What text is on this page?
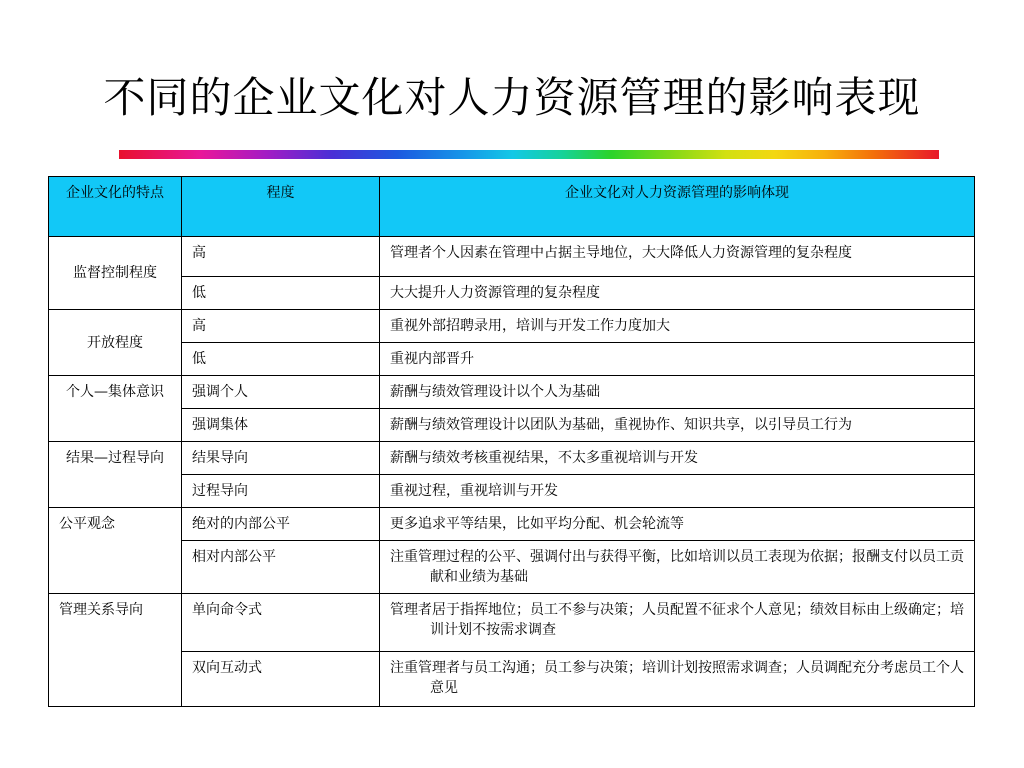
不同的企业文化对人力资源管理的影响表现
企业文化的特点	程度	企业文化对人力资源管理的影响体现
监督控制程度	高	管理者个人因素在管理中占据主导地位，大大降低人力资源管理的复杂程度
	低	大大提升人力资源管理的复杂程度
开放程度	高	重视外部招聘录用，培训与开发工作力度加大
	低	重视内部晋升
个人—集体意识	强调个人	薪酬与绩效管理设计以个人为基础
	强调集体	薪酬与绩效管理设计以团队为基础，重视协作、知识共享，以引导员工行为
结果—过程导向	结果导向	薪酬与绩效考核重视结果，不太多重视培训与开发
	过程导向	重视过程，重视培训与开发
公平观念	绝对的内部公平	更多追求平等结果，比如平均分配、机会轮流等
	相对内部公平	注重管理过程的公平、强调付出与获得平衡，比如培训以员工表现为依据；报酬支付以员工贡献和业绩为基础
管理关系导向	单向命令式	管理者居于指挥地位；员工不参与决策；人员配置不征求个人意见；绩效目标由上级确定；培训计划不按需求调查
	双向互动式	注重管理者与员工沟通；员工参与决策；培训计划按照需求调查；人员调配充分考虑员工个人意见
